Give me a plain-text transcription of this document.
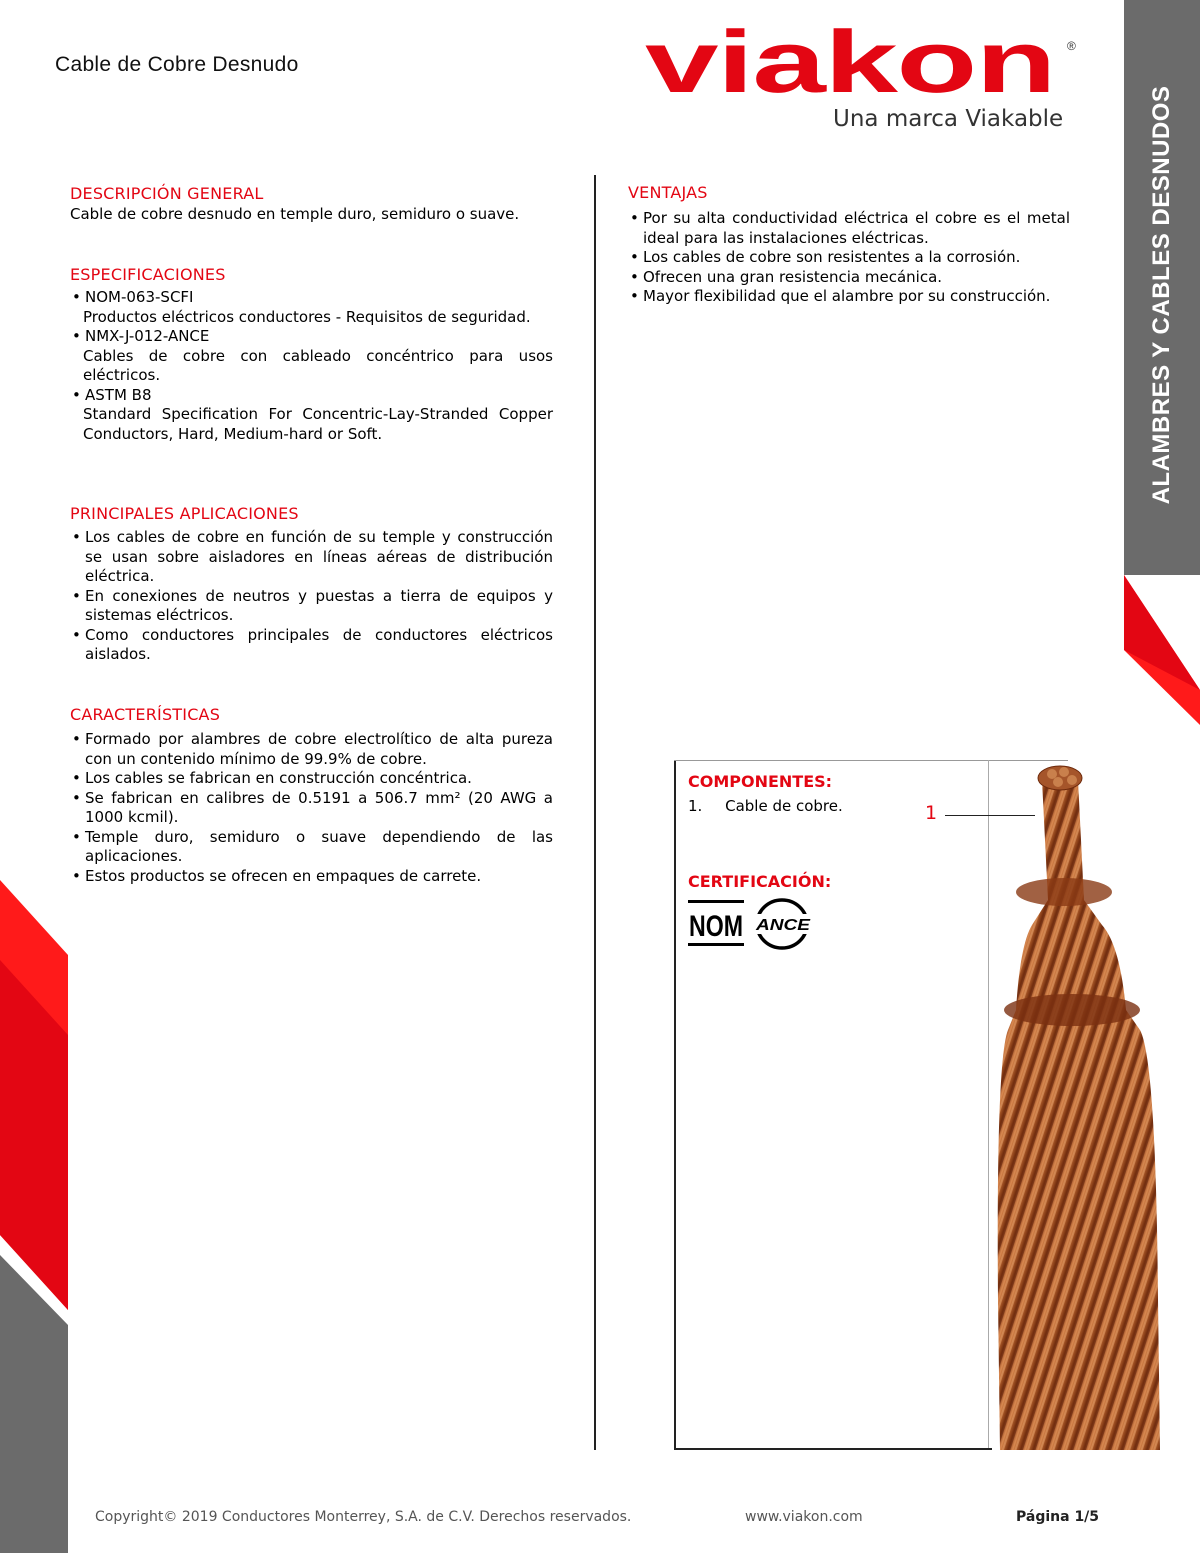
ALAMBRES Y CABLES DESNUDOS
Cable de Cobre Desnudo	viakon ®
Una marca Viakable
DESCRIPCIÓN GENERAL
Cable de cobre desnudo en temple duro, semiduro o suave.
ESPECIFICACIONES
• NOM-063-SCFI
Productos eléctricos conductores - Requisitos de seguridad.
• NMX-J-012-ANCE
Cables de cobre con cableado concéntrico para usos eléctricos.
• ASTM B8
Standard Specification For Concentric-Lay-Stranded Copper Conductors, Hard, Medium-hard or Soft.
PRINCIPALES APLICACIONES
• Los cables de cobre en función de su temple y construcción se usan sobre aisladores en líneas aéreas de distribución eléctrica.
• En conexiones de neutros y puestas a tierra de equipos y sistemas eléctricos.
• Como conductores principales de conductores eléctricos aislados.
CARACTERÍSTICAS
• Formado por alambres de cobre electrolítico de alta pureza con un contenido mínimo de 99.9% de cobre.
• Los cables se fabrican en construcción concéntrica.
• Se fabrican en calibres de 0.5191 a 506.7 mm² (20 AWG a 1000 kcmil).
• Temple duro, semiduro o suave dependiendo de las aplicaciones.
• Estos productos se ofrecen en empaques de carrete.
VENTAJAS
• Por su alta conductividad eléctrica el cobre es el metal ideal para las instalaciones eléctricas.
• Los cables de cobre son resistentes a la corrosión.
• Ofrecen una gran resistencia mecánica.
• Mayor flexibilidad que el alambre por su construcción.
COMPONENTES:
1. Cable de cobre.
CERTIFICACIÓN:
NOM ANCE
1
Copyright© 2019 Conductores Monterrey, S.A. de C.V. Derechos reservados.	www.viakon.com	Página 1/5
